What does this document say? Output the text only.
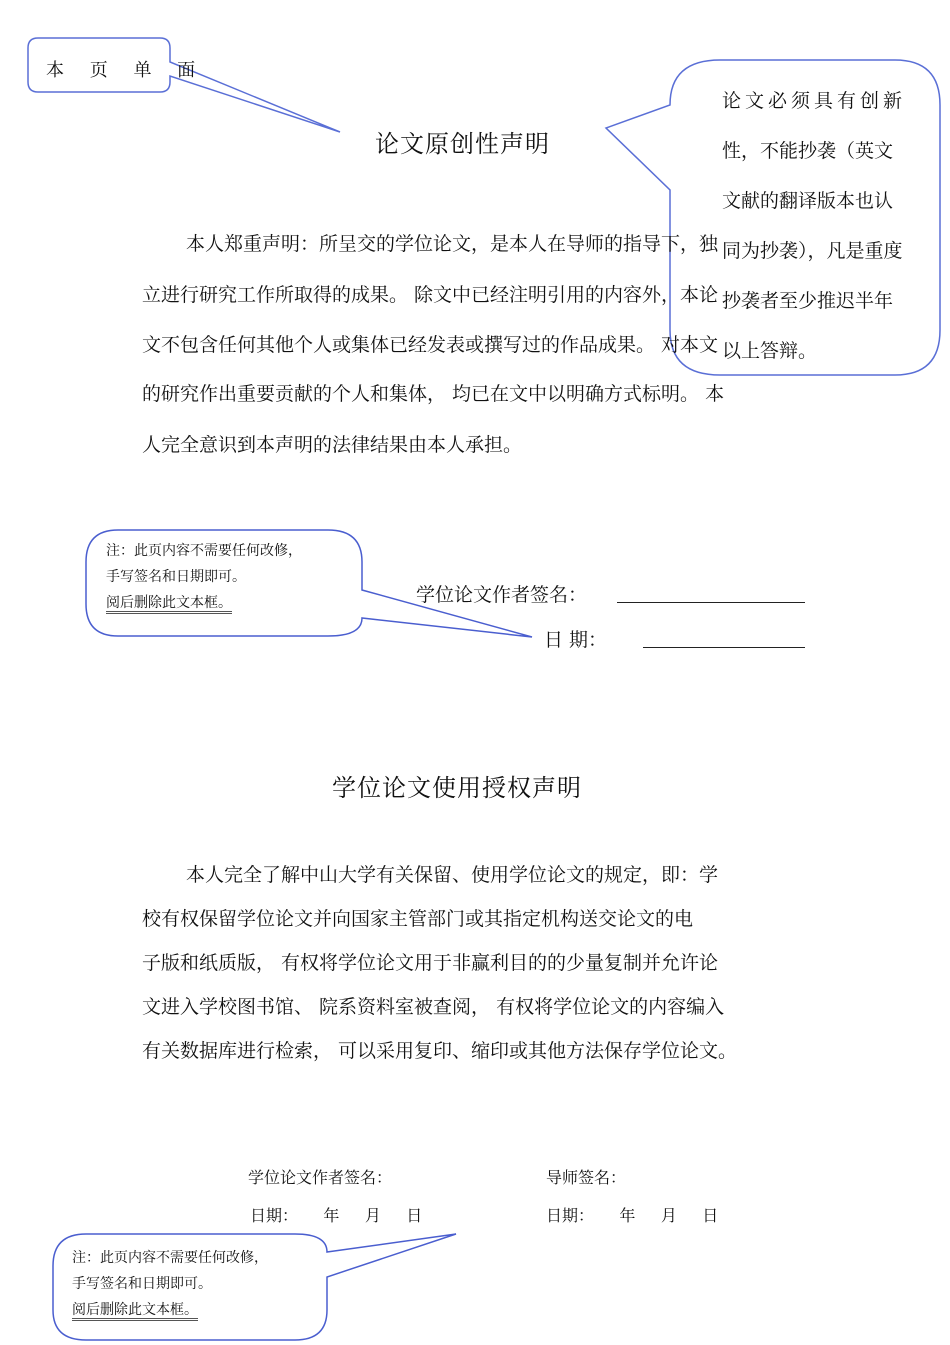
本 页 单 面
论文原创性声明
本人郑重声明：所呈交的学位论文，是本人在导师的指导下，独
立进行研究工作所取得的成果。 除文中已经注明引用的内容外，本论
文不包含任何其他个人或集体已经发表或撰写过的作品成果。 对本文
的研究作出重要贡献的个人和集体， 均已在文中以明确方式标明。 本
人完全意识到本声明的法律结果由本人承担。
论文必须具有创新
性，不能抄袭（英文
文献的翻译版本也认
同为抄袭），凡是重度
抄袭者至少推迟半年
以上答辩。
学位论文作者签名：
日 期：
注：此页内容不需要任何改修，
手写签名和日期即可。
阅后删除此文本框。
学位论文使用授权声明
本人完全了解中山大学有关保留、使用学位论文的规定，即：学
校有权保留学位论文并向国家主管部门或其指定机构送交论文的电
子版和纸质版， 有权将学位论文用于非赢利目的的少量复制并允许论
文进入学校图书馆、 院系资料室被查阅， 有权将学位论文的内容编入
有关数据库进行检索， 可以采用复印、缩印或其他方法保存学位论文。
学位论文作者签名：	导师签名：
日期：     年     月     日	日期：     年     月     日
注：此页内容不需要任何改修，
手写签名和日期即可。
阅后删除此文本框。
